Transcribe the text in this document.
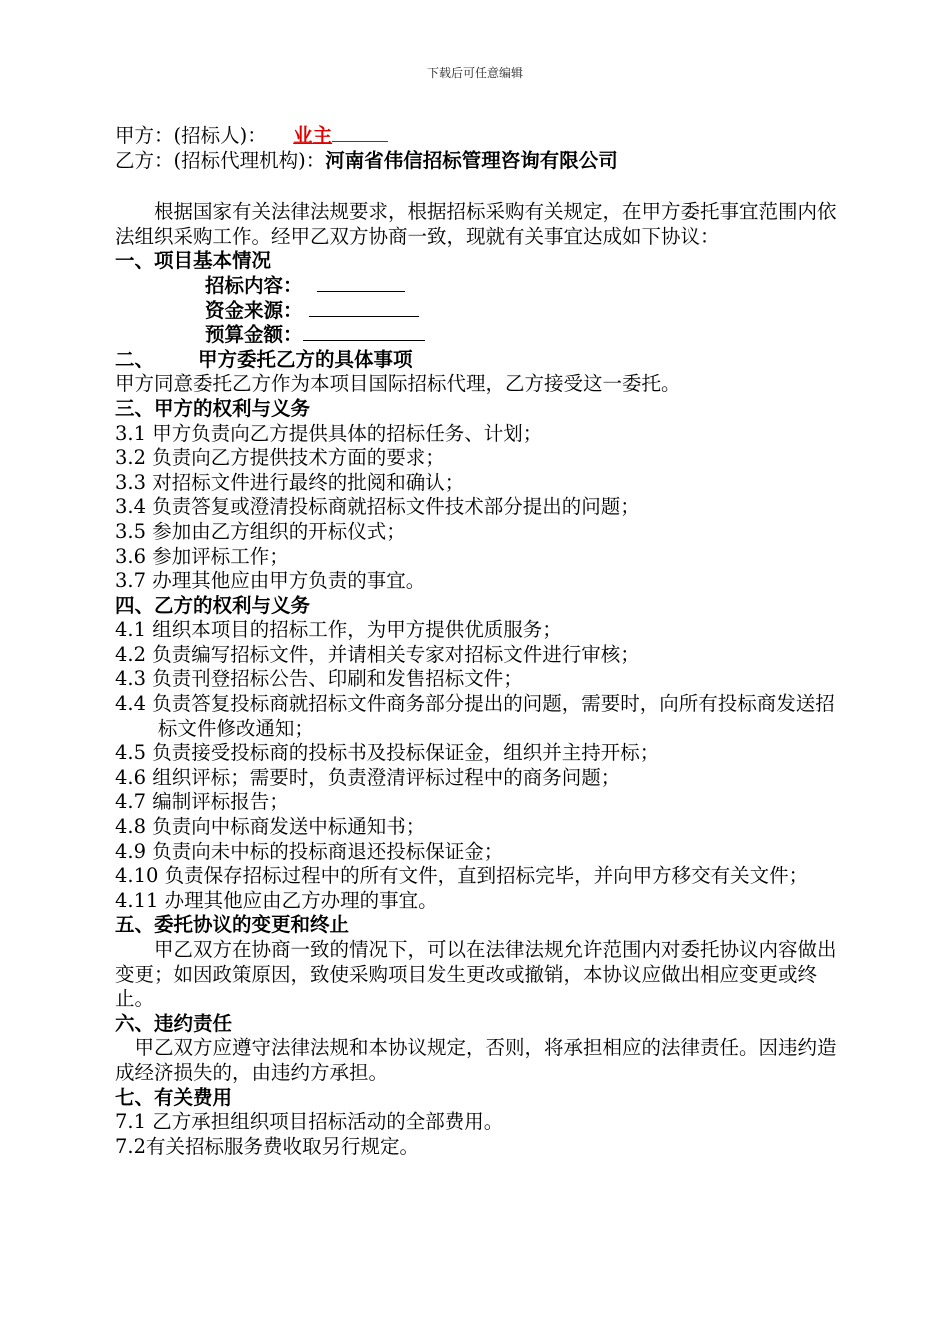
下载后可任意编辑
甲方：(招标人)： 业主
乙方：(招标代理机构)：河南省伟信招标管理咨询有限公司
根据国家有关法律法规要求，根据招标采购有关规定，在甲方委托事宜范围内依法组织采购工作。经甲乙双方协商一致，现就有关事宜达成如下协议：
一、项目基本情况
招标内容：
资金来源：
预算金额：
二、 甲方委托乙方的具体事项
甲方同意委托乙方作为本项目国际招标代理，乙方接受这一委托。
三、甲方的权利与义务
3.1 甲方负责向乙方提供具体的招标任务、计划；
3.2 负责向乙方提供技术方面的要求；
3.3 对招标文件进行最终的批阅和确认；
3.4 负责答复或澄清投标商就招标文件技术部分提出的问题；
3.5 参加由乙方组织的开标仪式；
3.6 参加评标工作；
3.7 办理其他应由甲方负责的事宜。
四、乙方的权利与义务
4.1 组织本项目的招标工作，为甲方提供优质服务；
4.2 负责编写招标文件，并请相关专家对招标文件进行审核；
4.3 负责刊登招标公告、印刷和发售招标文件；
4.4 负责答复投标商就招标文件商务部分提出的问题，需要时，向所有投标商发送招标文件修改通知；
4.5 负责接受投标商的投标书及投标保证金，组织并主持开标；
4.6 组织评标；需要时，负责澄清评标过程中的商务问题；
4.7 编制评标报告；
4.8 负责向中标商发送中标通知书；
4.9 负责向未中标的投标商退还投标保证金；
4.10 负责保存招标过程中的所有文件，直到招标完毕，并向甲方移交有关文件；
4.11 办理其他应由乙方办理的事宜。
五、委托协议的变更和终止
甲乙双方在协商一致的情况下，可以在法律法规允许范围内对委托协议内容做出变更；如因政策原因，致使采购项目发生更改或撤销，本协议应做出相应变更或终止。
六、违约责任
甲乙双方应遵守法律法规和本协议规定，否则，将承担相应的法律责任。因违约造成经济损失的，由违约方承担。
七、有关费用
7.1 乙方承担组织项目招标活动的全部费用。
7.2有关招标服务费收取另行规定。
